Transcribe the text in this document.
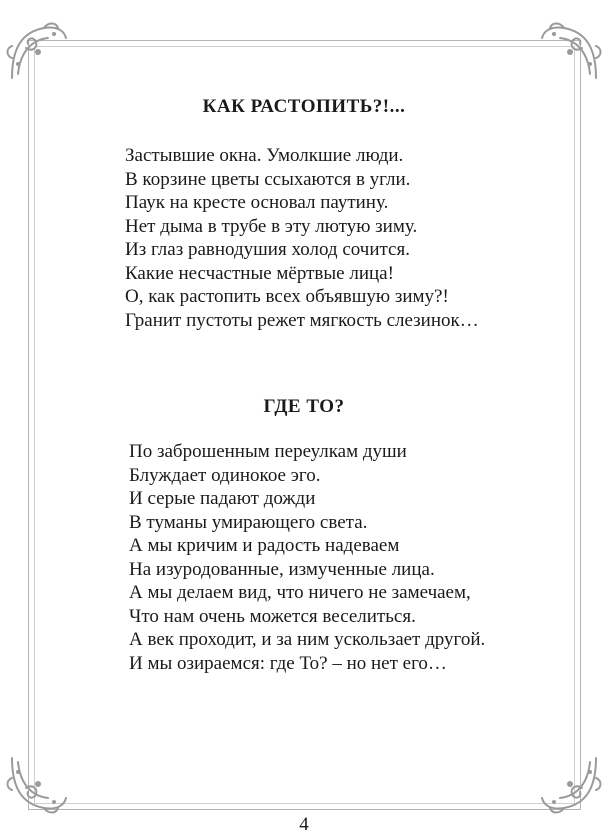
КАК РАСТОПИТЬ?!...
Застывшие окна. Умолкшие люди.
В корзине цветы ссыхаются в угли.
Паук на кресте основал паутину.
Нет дыма в трубе в эту лютую зиму.
Из глаз равнодушия холод сочится.
Какие несчастные мёртвые лица!
О, как растопить всех объявшую зиму?!
Гранит пустоты режет мягкость слезинок…
ГДЕ ТО?
По заброшенным переулкам души
Блуждает одинокое эго.
И серые падают дожди
В туманы умирающего света.
А мы кричим и радость надеваем
На изуродованные, измученные лица.
А мы делаем вид, что ничего не замечаем,
Что нам очень можется веселиться.
А век проходит, и за ним ускользает другой.
И мы озираемся: где То? – но нет его…
4
